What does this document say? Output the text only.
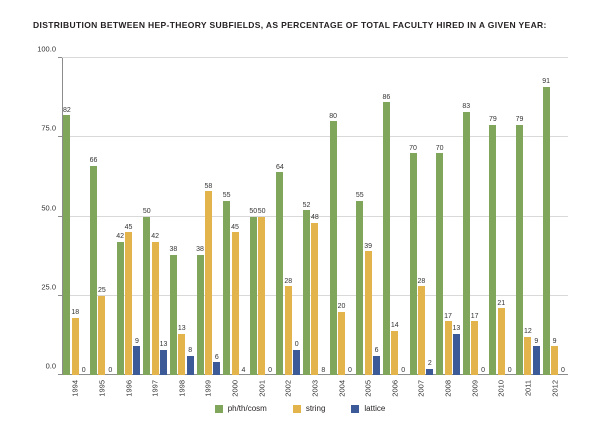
DISTRIBUTION BETWEEN HEP-THEORY SUBFIELDS, AS PERCENTAGE OF TOTAL FACULTY HIRED IN A GIVEN YEAR:
0.0
25.0
50.0
75.0
100.0
82
18
0
1994
66
25
0
1995
42
45
9
1996
50
42
13
1997
38
13
8
1998
38
58
6
1999
55
45
4
2000
50 50
0
2001
64
28
0
2002
52
48
8
2003
80
20
0
2004
55
39
6
2005
86
14
0
2006
70
28
2
2007
70
17
13
2008
83
17
0
2009
79
21
0
2010
79
12
9
2011
91
9
0
2012
ph/th/cosm	string	lattice
